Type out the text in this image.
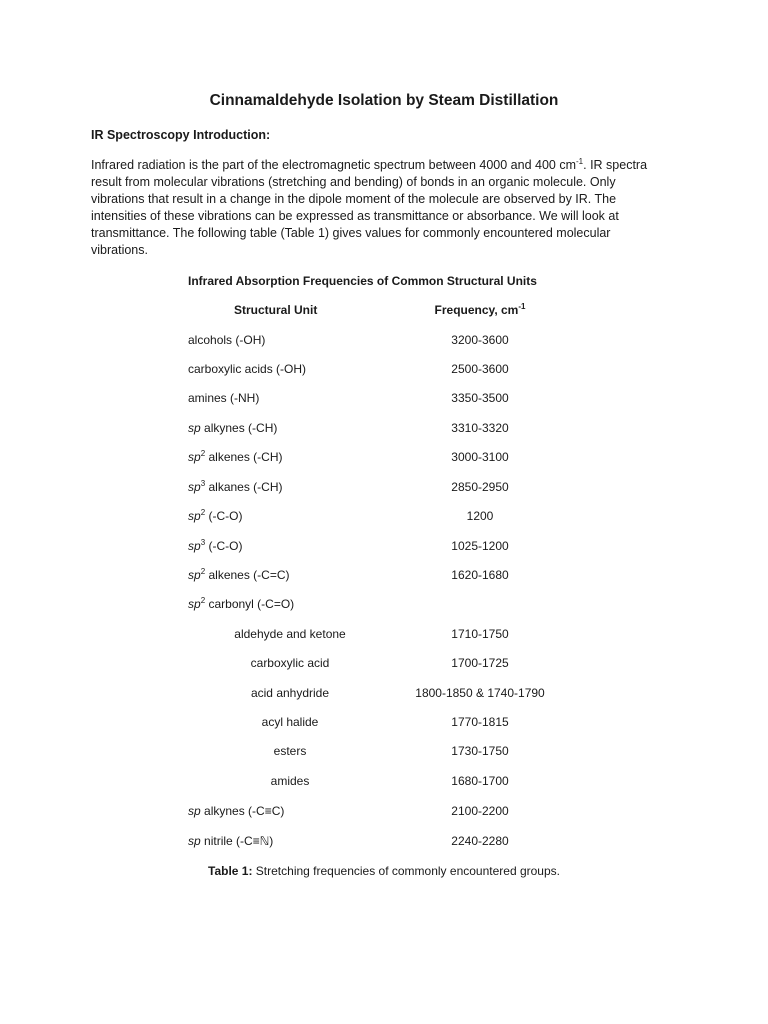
Cinnamaldehyde Isolation by Steam Distillation
IR Spectroscopy Introduction:

Infrared radiation is the part of the electromagnetic spectrum between 4000 and 400 $cm^{-1}$. IR spectra
result from molecular vibrations (stretching and bending) of bonds in an organic molecule. Only
vibrations that result in a change in the dipole moment of the molecule are observed by IR. The
intensities of these vibrations can be expressed as transmittance or absorbance. We will look at
transmittance. The following table (Table 1) gives values for commonly encountered molecular
vibrations.

Infrared Absorption Frequencies of Common Structural Units
Structural Unit	Frequency, $cm^{-1}$
alcohols (-OH)	3200-3600
carboxylic acids (-OH)	2500-3600
amines (-NH)	3350-3500
sp alkynes (-CH)	3310-3320
$sp^2$ alkenes (-CH)	3000-3100
$sp^3$ alkanes (-CH)	2850-2950
$sp^2$ (-C-O)	1200
$sp^3$ (-C-O)	1025-1200
$sp^2$ alkenes (-C=C)	1620-1680
$sp^2$ carbonyl (-C=O)
aldehyde and ketone	1710-1750
carboxylic acid	1700-1725
acid anhydride	1800-1850 & 1740-1790
acyl halide	1770-1815
esters	1730-1750
amides	1680-1700
sp alkynes (-C≡C)	2100-2200
sp nitrile (-C≡ℕ)	2240-2280
Table 1: Stretching frequencies of commonly encountered groups.
